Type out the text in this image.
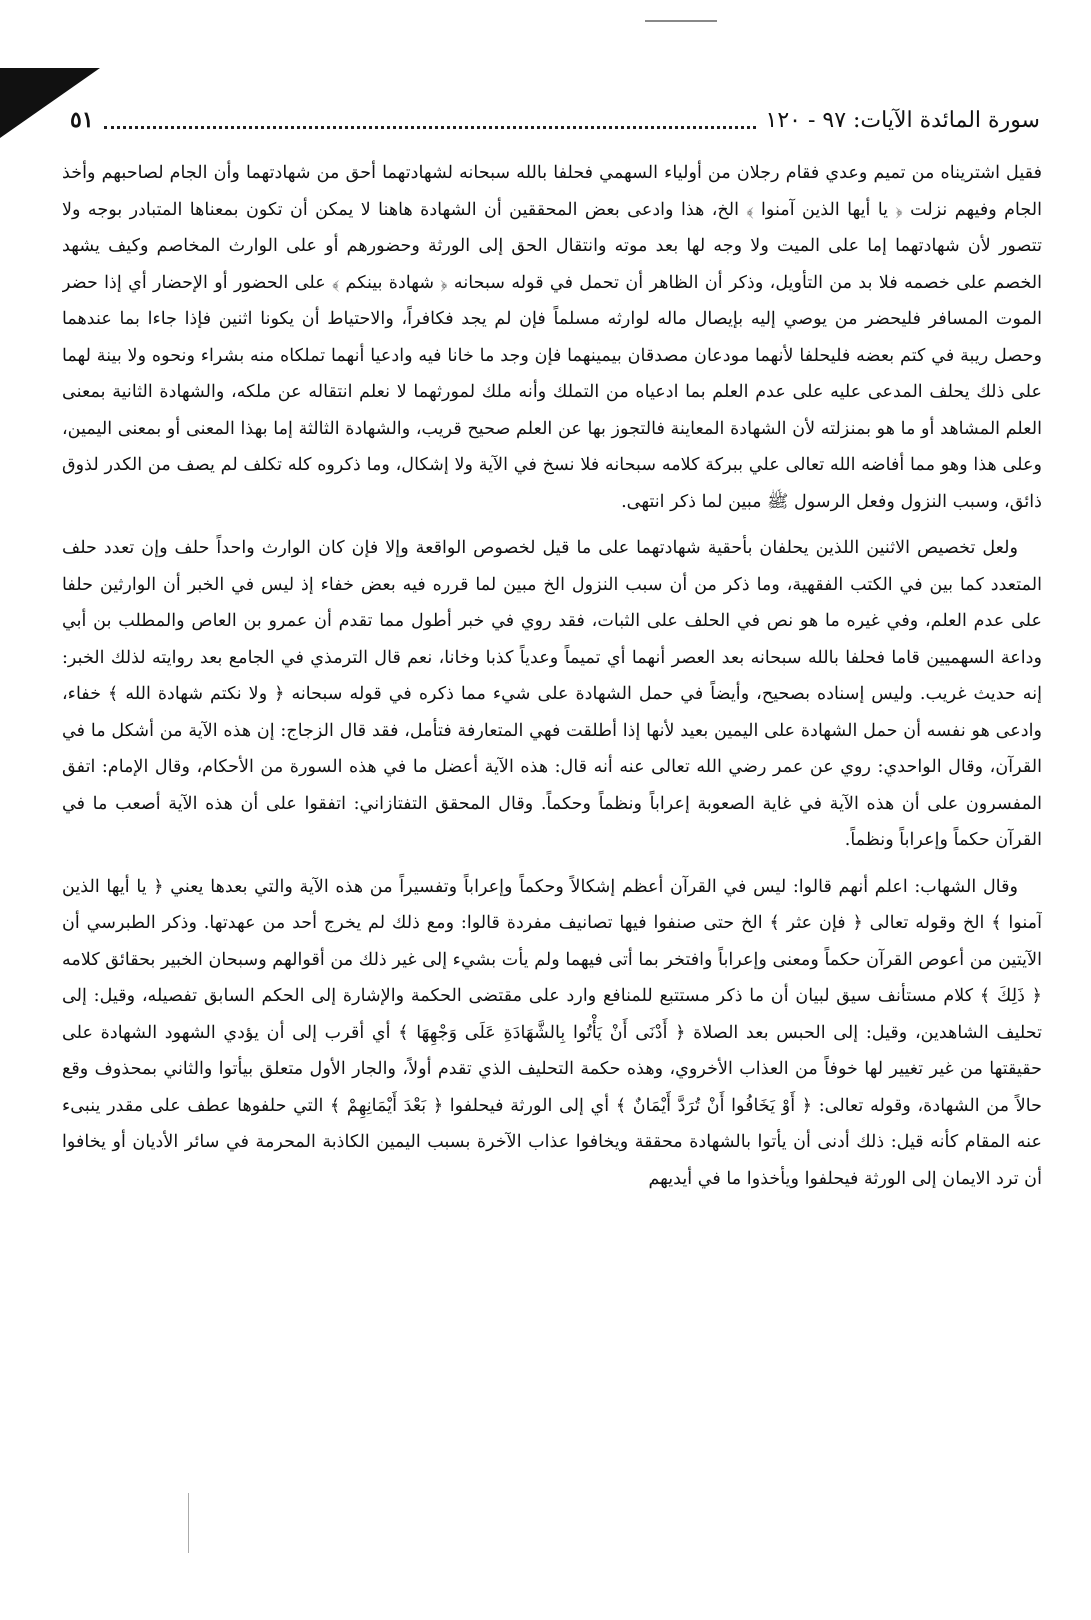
سورة المائدة الآيات: ٩٧ - ١٢٠
٥١

فقيل اشتريناه من تميم وعدي فقام رجلان من أولياء السهمي فحلفا بالله سبحانه لشهادتهما أحق من شهادتهما وأن الجام لصاحبهم وأخذ الجام وفيهم نزلت ﴿ يا أيها الذين آمنوا ﴾ الخ، هذا وادعى بعض المحققين أن الشهادة هاهنا لا يمكن أن تكون بمعناها المتبادر بوجه ولا تتصور لأن شهادتهما إما على الميت ولا وجه لها بعد موته وانتقال الحق إلى الورثة وحضورهم أو على الوارث المخاصم وكيف يشهد الخصم على خصمه فلا بد من التأويل، وذكر أن الظاهر أن تحمل في قوله سبحانه ﴿ شهادة بينكم ﴾ على الحضور أو الإحضار أي إذا حضر الموت المسافر فليحضر من يوصي إليه بإيصال ماله لوارثه مسلماً فإن لم يجد فكافراً، والاحتياط أن يكونا اثنين فإذا جاءا بما عندهما وحصل ريبة في كتم بعضه فليحلفا لأنهما مودعان مصدقان بيمينهما فإن وجد ما خانا فيه وادعيا أنهما تملكاه منه بشراء ونحوه ولا بينة لهما على ذلك يحلف المدعى عليه على عدم العلم بما ادعياه من التملك وأنه ملك لمورثهما لا نعلم انتقاله عن ملكه، والشهادة الثانية بمعنى العلم المشاهد أو ما هو بمنزلته لأن الشهادة المعاينة فالتجوز بها عن العلم صحيح قريب، والشهادة الثالثة إما بهذا المعنى أو بمعنى اليمين، وعلى هذا وهو مما أفاضه الله تعالى علي ببركة كلامه سبحانه فلا نسخ في الآية ولا إشكال، وما ذكروه كله تكلف لم يصف من الكدر لذوق ذائق، وسبب النزول وفعل الرسول ﷺ مبين لما ذكر انتهى.

ولعل تخصيص الاثنين اللذين يحلفان بأحقية شهادتهما على ما قيل لخصوص الواقعة وإلا فإن كان الوارث واحداً حلف وإن تعدد حلف المتعدد كما بين في الكتب الفقهية، وما ذكر من أن سبب النزول الخ مبين لما قرره فيه بعض خفاء إذ ليس في الخبر أن الوارثين حلفا على عدم العلم، وفي غيره ما هو نص في الحلف على الثبات، فقد روي في خبر أطول مما تقدم أن عمرو بن العاص والمطلب بن أبي وداعة السهميين قاما فحلفا بالله سبحانه بعد العصر أنهما أي تميماً وعدياً كذبا وخانا، نعم قال الترمذي في الجامع بعد روايته لذلك الخبر: إنه حديث غريب. وليس إسناده بصحيح، وأيضاً في حمل الشهادة على شيء مما ذكره في قوله سبحانه ﴿ ولا نكتم شهادة الله ﴾ خفاء، وادعى هو نفسه أن حمل الشهادة على اليمين بعيد لأنها إذا أطلقت فهي المتعارفة فتأمل، فقد قال الزجاج: إن هذه الآية من أشكل ما في القرآن، وقال الواحدي: روي عن عمر رضي الله تعالى عنه أنه قال: هذه الآية أعضل ما في هذه السورة من الأحكام، وقال الإمام: اتفق المفسرون على أن هذه الآية في غاية الصعوبة إعراباً ونظماً وحكماً. وقال المحقق التفتازاني: اتفقوا على أن هذه الآية أصعب ما في القرآن حكماً وإعراباً ونظماً.

وقال الشهاب: اعلم أنهم قالوا: ليس في القرآن أعظم إشكالاً وحكماً وإعراباً وتفسيراً من هذه الآية والتي بعدها يعني ﴿ يا أيها الذين آمنوا ﴾ الخ وقوله تعالى ﴿ فإن عثر ﴾ الخ حتى صنفوا فيها تصانيف مفردة قالوا: ومع ذلك لم يخرج أحد من عهدتها. وذكر الطبرسي أن الآيتين من أعوص القرآن حكماً ومعنى وإعراباً وافتخر بما أتى فيهما ولم يأت بشيء إلى غير ذلك من أقوالهم وسبحان الخبير بحقائق كلامه ﴿ ذَلِكَ ﴾ كلام مستأنف سيق لبيان أن ما ذكر مستتبع للمنافع وارد على مقتضى الحكمة والإشارة إلى الحكم السابق تفصيله، وقيل: إلى تحليف الشاهدين، وقيل: إلى الحبس بعد الصلاة ﴿ أَدْنَى أَنْ يَأْتُوا بِالشَّهَادَةِ عَلَى وَجْهِهَا ﴾ أي أقرب إلى أن يؤدي الشهود الشهادة على حقيقتها من غير تغيير لها خوفاً من العذاب الأخروي، وهذه حكمة التحليف الذي تقدم أولاً، والجار الأول متعلق بيأتوا والثاني بمحذوف وقع حالاً من الشهادة، وقوله تعالى: ﴿ أَوْ يَخَافُوا أَنْ تُرَدَّ أَيْمَانٌ ﴾ أي إلى الورثة فيحلفوا ﴿ بَعْدَ أَيْمَانِهِمْ ﴾ التي حلفوها عطف على مقدر ينبىء عنه المقام كأنه قيل: ذلك أدنى أن يأتوا بالشهادة محققة ويخافوا عذاب الآخرة بسبب اليمين الكاذبة المحرمة في سائر الأديان أو يخافوا أن ترد الايمان إلى الورثة فيحلفوا ويأخذوا ما في أيديهم
